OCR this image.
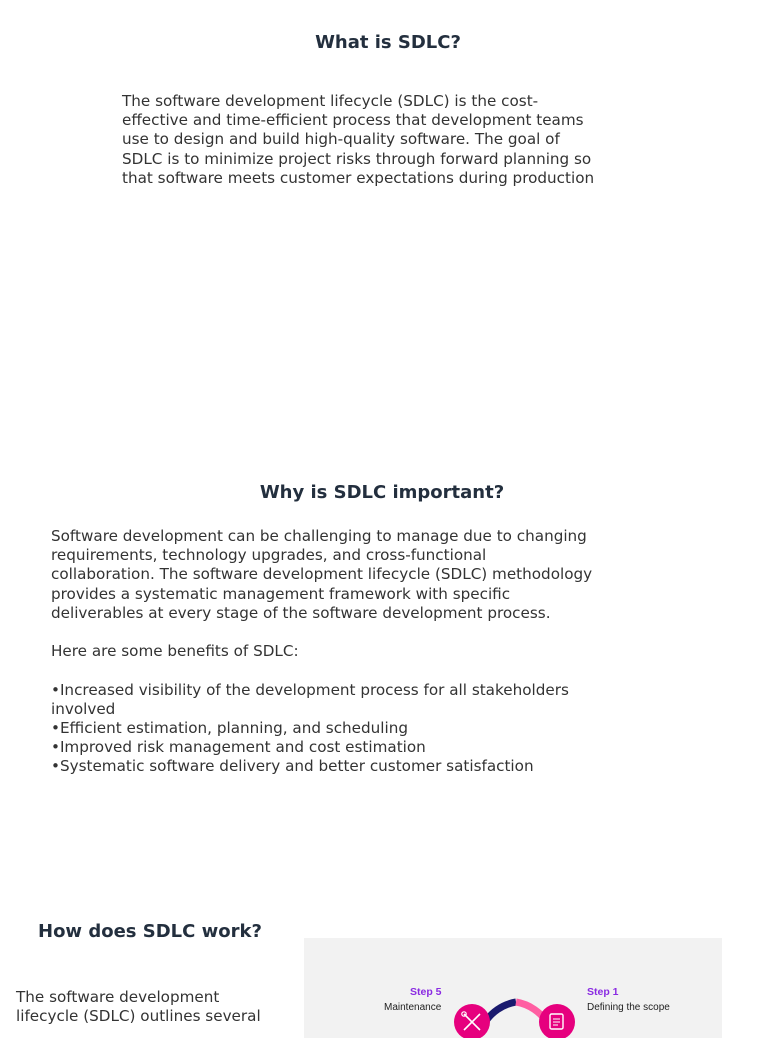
What is SDLC?
The software development lifecycle (SDLC) is the cost-
effective and time-efficient process that development teams
use to design and build high-quality software. The goal of
SDLC is to minimize project risks through forward planning so
that software meets customer expectations during production
Why is SDLC important?
Software development can be challenging to manage due to changing
requirements, technology upgrades, and cross-functional
collaboration. The software development lifecycle (SDLC) methodology
provides a systematic management framework with specific
deliverables at every stage of the software development process.

Here are some benefits of SDLC:

•Increased visibility of the development process for all stakeholders
involved
•Efficient estimation, planning, and scheduling
•Improved risk management and cost estimation
•Systematic software delivery and better customer satisfaction
How does SDLC work?
The software development
lifecycle (SDLC) outlines several
Step 5
Maintenance
Step 1
Defining the scope
